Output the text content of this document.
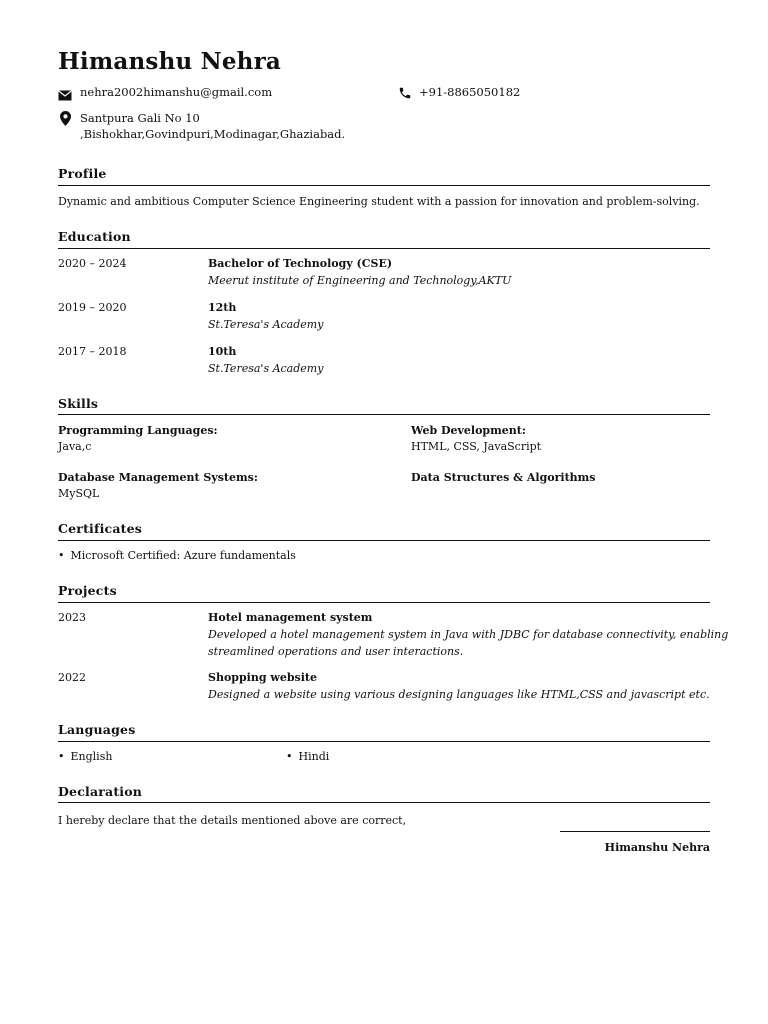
Himanshu Nehra
nehra2002himanshu@gmail.com	+91-8865050182
Santpura Gali No 10
,Bishokhar,Govindpuri,Modinagar,Ghaziabad.
Profile
Dynamic and ambitious Computer Science Engineering student with a passion for innovation and problem-solving.
Education
2020 – 2024	Bachelor of Technology (CSE)
Meerut institute of Engineering and Technology,AKTU
2019 – 2020	12th
St.Teresa's Academy
2017 – 2018	10th
St.Teresa's Academy
Skills
Programming Languages:
Java,c
Web Development:
HTML, CSS, JavaScript
Database Management Systems:
MySQL
Data Structures & Algorithms
Certificates
• Microsoft Certified: Azure fundamentals
Projects
2023	Hotel management system
Developed a hotel management system in Java with JDBC for database connectivity, enabling
streamlined operations and user interactions.
2022	Shopping website
Designed a website using various designing languages like HTML,CSS and javascript etc.
Languages
• English
•	Hindi
Declaration
I hereby declare that the details mentioned above are correct,
Himanshu Nehra
